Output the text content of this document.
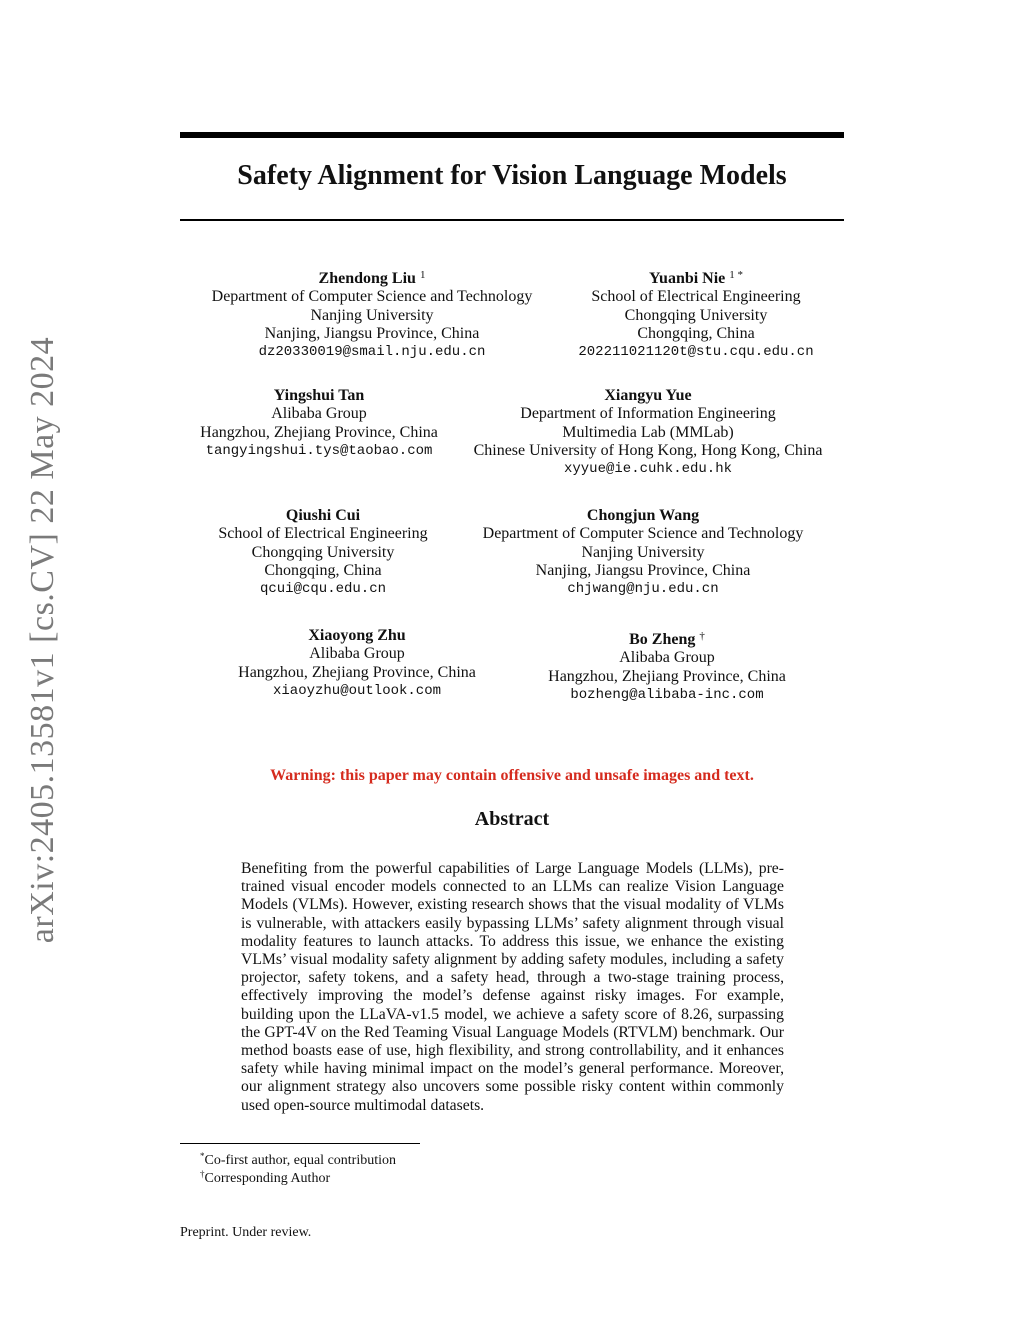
arXiv:2405.13581v1 [cs.CV] 22 May 2024
Safety Alignment for Vision Language Models
Zhendong Liu $^1$
Department of Computer Science and Technology
Nanjing University
Nanjing, Jiangsu Province, China
dz20330019@smail.nju.edu.cn
Yuanbi Nie $^{1 *}$
School of Electrical Engineering
Chongqing University
Chongqing, China
202211021120t@stu.cqu.edu.cn
Yingshui Tan
Alibaba Group
Hangzhou, Zhejiang Province, China
tangyingshui.tys@taobao.com
Xiangyu Yue
Department of Information Engineering
Multimedia Lab (MMLab)
Chinese University of Hong Kong, Hong Kong, China
xyyue@ie.cuhk.edu.hk
Qiushi Cui
School of Electrical Engineering
Chongqing University
Chongqing, China
qcui@cqu.edu.cn
Chongjun Wang
Department of Computer Science and Technology
Nanjing University
Nanjing, Jiangsu Province, China
chjwang@nju.edu.cn
Xiaoyong Zhu
Alibaba Group
Hangzhou, Zhejiang Province, China
xiaoyzhu@outlook.com
Bo Zheng †
Alibaba Group
Hangzhou, Zhejiang Province, China
bozheng@alibaba-inc.com
Warning: this paper may contain offensive and unsafe images and text.
Abstract

Benefiting from the powerful capabilities of Large Language Models (LLMs), pre-trained visual encoder models connected to an LLMs can realize Vision Language Models (VLMs). However, existing research shows that the visual modality of VLMs is vulnerable, with attackers easily bypassing LLMs’ safety alignment through visual modality features to launch attacks. To address this issue, we enhance the existing VLMs’ visual modality safety alignment by adding safety modules, including a safety projector, safety tokens, and a safety head, through a two-stage training process, effectively improving the model’s defense against risky images. For example, building upon the LLaVA-v1.5 model, we achieve a safety score of 8.26, surpassing the GPT-4V on the Red Teaming Visual Language Models (RTVLM) benchmark. Our method boasts ease of use, high flexibility, and strong controllability, and it enhances safety while having minimal impact on the model’s general performance. Moreover, our alignment strategy also uncovers some possible risky content within commonly used open-source multimodal datasets.

*Co-first author, equal contribution
†Corresponding Author
Preprint. Under review.
